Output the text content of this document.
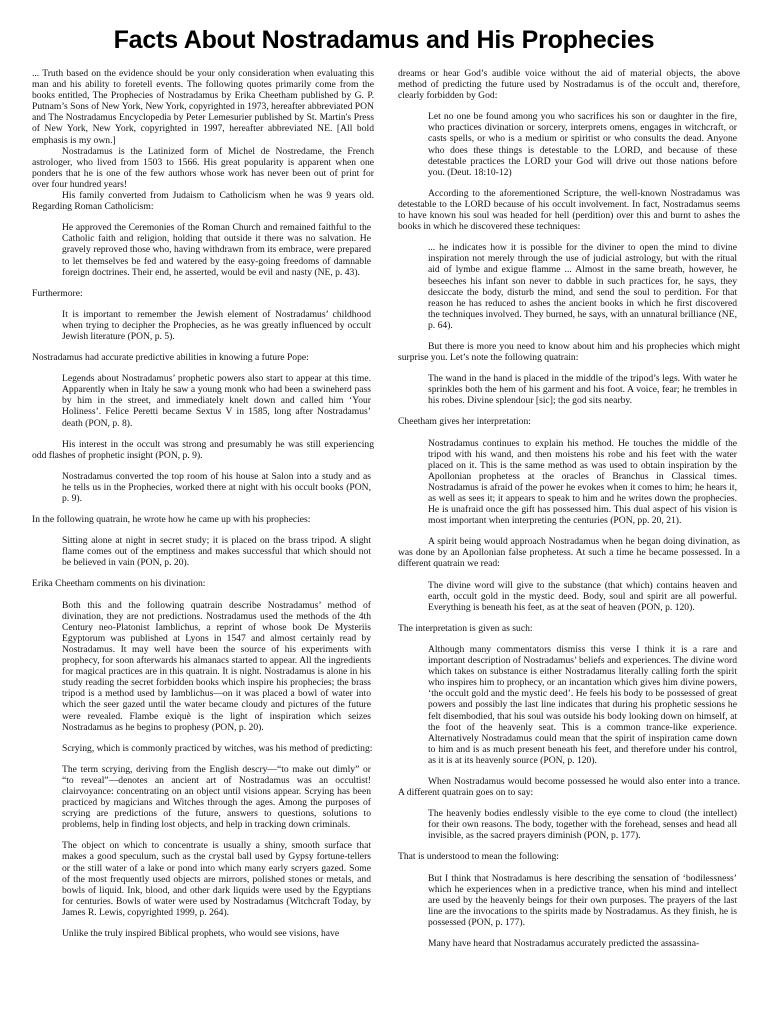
Facts About Nostradamus and His Prophecies

... Truth based on the evidence should be your only consideration when evaluating this man and his ability to foretell events. The following quotes primarily come from the books entitled, The Prophecies of Nostradamus by Erika Cheetham published by G. P. Putnam’s Sons of New York, New York, copyrighted in 1973, hereafter abbreviated PON and The Nostradamus Encyclopedia by Peter Lemesurier published by St. Martin's Press of New York, New York, copyrighted in 1997, hereafter abbreviated NE. [All bold emphasis is my own.]

Nostradamus is the Latinized form of Michel de Nostredame, the French astrologer, who lived from 1503 to 1566. His great popularity is apparent when one ponders that he is one of the few authors whose work has never been out of print for over four hundred years!

His family converted from Judaism to Catholicism when he was 9 years old. Regarding Roman Catholicism:

He approved the Ceremonies of the Roman Church and remained faithful to the Catholic faith and religion, holding that outside it there was no salvation. He gravely reproved those who, having withdrawn from its embrace, were prepared to let themselves be fed and watered by the easy-going freedoms of damnable foreign doctrines. Their end, he asserted, would be evil and nasty (NE, p. 43).

Furthermore:

It is important to remember the Jewish element of Nostradamus’ childhood when trying to decipher the Prophecies, as he was greatly influenced by occult Jewish literature (PON, p. 5).

Nostradamus had accurate predictive abilities in knowing a future Pope:

Legends about Nostradamus’ prophetic powers also start to appear at this time. Apparently when in Italy he saw a young monk who had been a swineherd pass by him in the street, and immediately knelt down and called him ‘Your Holiness’. Felice Peretti became Sextus V in 1585, long after Nostradamus’ death (PON, p. 8).

His interest in the occult was strong and presumably he was still experiencing odd flashes of prophetic insight (PON, p. 9).

Nostradamus converted the top room of his house at Salon into a study and as he tells us in the Prophecies, worked there at night with his occult books (PON, p. 9).

In the following quatrain, he wrote how he came up with his prophecies:

Sitting alone at night in secret study; it is placed on the brass tripod. A slight flame comes out of the emptiness and makes successful that which should not be believed in vain (PON, p. 20).

Erika Cheetham comments on his divination:

Both this and the following quatrain describe Nostradamus’ method of divination, they are not predictions. Nostradamus used the methods of the 4th Century neo-Platonist Iamblichus, a reprint of whose book De Mysteriis Egyptorum was published at Lyons in 1547 and almost certainly read by Nostradamus. It may well have been the source of his experiments with prophecy, for soon afterwards his almanacs started to appear. All the ingredients for magical practices are in this quatrain. It is night. Nostradamus is alone in his study reading the secret forbidden books which inspire his prophecies; the brass tripod is a method used by Iamblichus—on it was placed a bowl of water into which the seer gazed until the water became cloudy and pictures of the future were revealed. Flambe exiquè is the light of inspiration which seizes Nostradamus as he begins to prophesy (PON, p. 20).

Scrying, which is commonly practiced by witches, was his method of predicting:

The term scrying, deriving from the English descry—“to make out dimly” or “to reveal”—denotes an ancient art of Nostradamus was an occultist! clairvoyance: concentrating on an object until visions appear. Scrying has been practiced by magicians and Witches through the ages. Among the purposes of scrying are predictions of the future, answers to questions, solutions to problems, help in finding lost objects, and help in tracking down criminals.

The object on which to concentrate is usually a shiny, smooth surface that makes a good speculum, such as the crystal ball used by Gypsy fortune-tellers or the still water of a lake or pond into which many early scryers gazed. Some of the most frequently used objects are mirrors, polished stones or metals, and bowls of liquid. Ink, blood, and other dark liquids were used by the Egyptians for centuries. Bowls of water were used by Nostradamus (Witchcraft Today, by James R. Lewis, copyrighted 1999, p. 264).

Unlike the truly inspired Biblical prophets, who would see visions, have

dreams or hear God’s audible voice without the aid of material objects, the above method of predicting the future used by Nostradamus is of the occult and, therefore, clearly forbidden by God:

Let no one be found among you who sacrifices his son or daughter in the fire, who practices divination or sorcery, interprets omens, engages in witchcraft, or casts spells, or who is a medium or spiritist or who consults the dead. Anyone who does these things is detestable to the LORD, and because of these detestable practices the LORD your God will drive out those nations before you. (Deut. 18:10-12)

According to the aforementioned Scripture, the well-known Nostradamus was detestable to the LORD because of his occult involvement. In fact, Nostradamus seems to have known his soul was headed for hell (perdition) over this and burnt to ashes the books in which he discovered these techniques:

... he indicates how it is possible for the diviner to open the mind to divine inspiration not merely through the use of judicial astrology, but with the ritual aid of lymbe and exigue flamme ... Almost in the same breath, however, he beseeches his infant son never to dabble in such practices for, he says, they desiccate the body, disturb the mind, and send the soul to perdition. For that reason he has reduced to ashes the ancient books in which he first discovered the techniques involved. They burned, he says, with an unnatural brilliance (NE, p. 64).

But there is more you need to know about him and his prophecies which might surprise you. Let’s note the following quatrain:

The wand in the hand is placed in the middle of the tripod’s legs. With water he sprinkles both the hem of his garment and his foot. A voice, fear; he trembles in his robes. Divine splendour [sic]; the god sits nearby.

Cheetham gives her interpretation:

Nostradamus continues to explain his method. He touches the middle of the tripod with his wand, and then moistens his robe and his feet with the water placed on it. This is the same method as was used to obtain inspiration by the Apollonian prophetess at the oracles of Branchus in Classical times. Nostradamus is afraid of the power he evokes when it comes to him; he hears it, as well as sees it; it appears to speak to him and he writes down the prophecies. He is unafraid once the gift has possessed him. This dual aspect of his vision is most important when interpreting the centuries (PON, pp. 20, 21).

A spirit being would approach Nostradamus when he began doing divination, as was done by an Apollonian false prophetess. At such a time he became possessed. In a different quatrain we read:

The divine word will give to the substance (that which) contains heaven and earth, occult gold in the mystic deed. Body, soul and spirit are all powerful. Everything is beneath his feet, as at the seat of heaven (PON, p. 120).

The interpretation is given as such:

Although many commentators dismiss this verse I think it is a rare and important description of Nostradamus’ beliefs and experiences. The divine word which takes on substance is either Nostradamus literally calling forth the spirit who inspires him to prophecy, or an incantation which gives him divine powers, ‘the occult gold and the mystic deed’. He feels his body to be possessed of great powers and possibly the last line indicates that during his prophetic sessions he felt disembodied, that his soul was outside his body looking down on himself, at the foot of the heavenly seat. This is a common trance-like experience. Alternatively Nostradamus could mean that the spirit of inspiration came down to him and is as much present beneath his feet, and therefore under his control, as it is at its heavenly source (PON, p. 120).

When Nostradamus would become possessed he would also enter into a trance. A different quatrain goes on to say:

The heavenly bodies endlessly visible to the eye come to cloud (the intellect) for their own reasons. The body, together with the forehead, senses and head all invisible, as the sacred prayers diminish (PON, p. 177).

That is understood to mean the following:

But I think that Nostradamus is here describing the sensation of ‘bodilessness’ which he experiences when in a predictive trance, when his mind and intellect are used by the heavenly beings for their own purposes. The prayers of the last line are the invocations to the spirits made by Nostradamus. As they finish, he is possessed (PON, p. 177).

Many have heard that Nostradamus accurately predicted the assassina-
